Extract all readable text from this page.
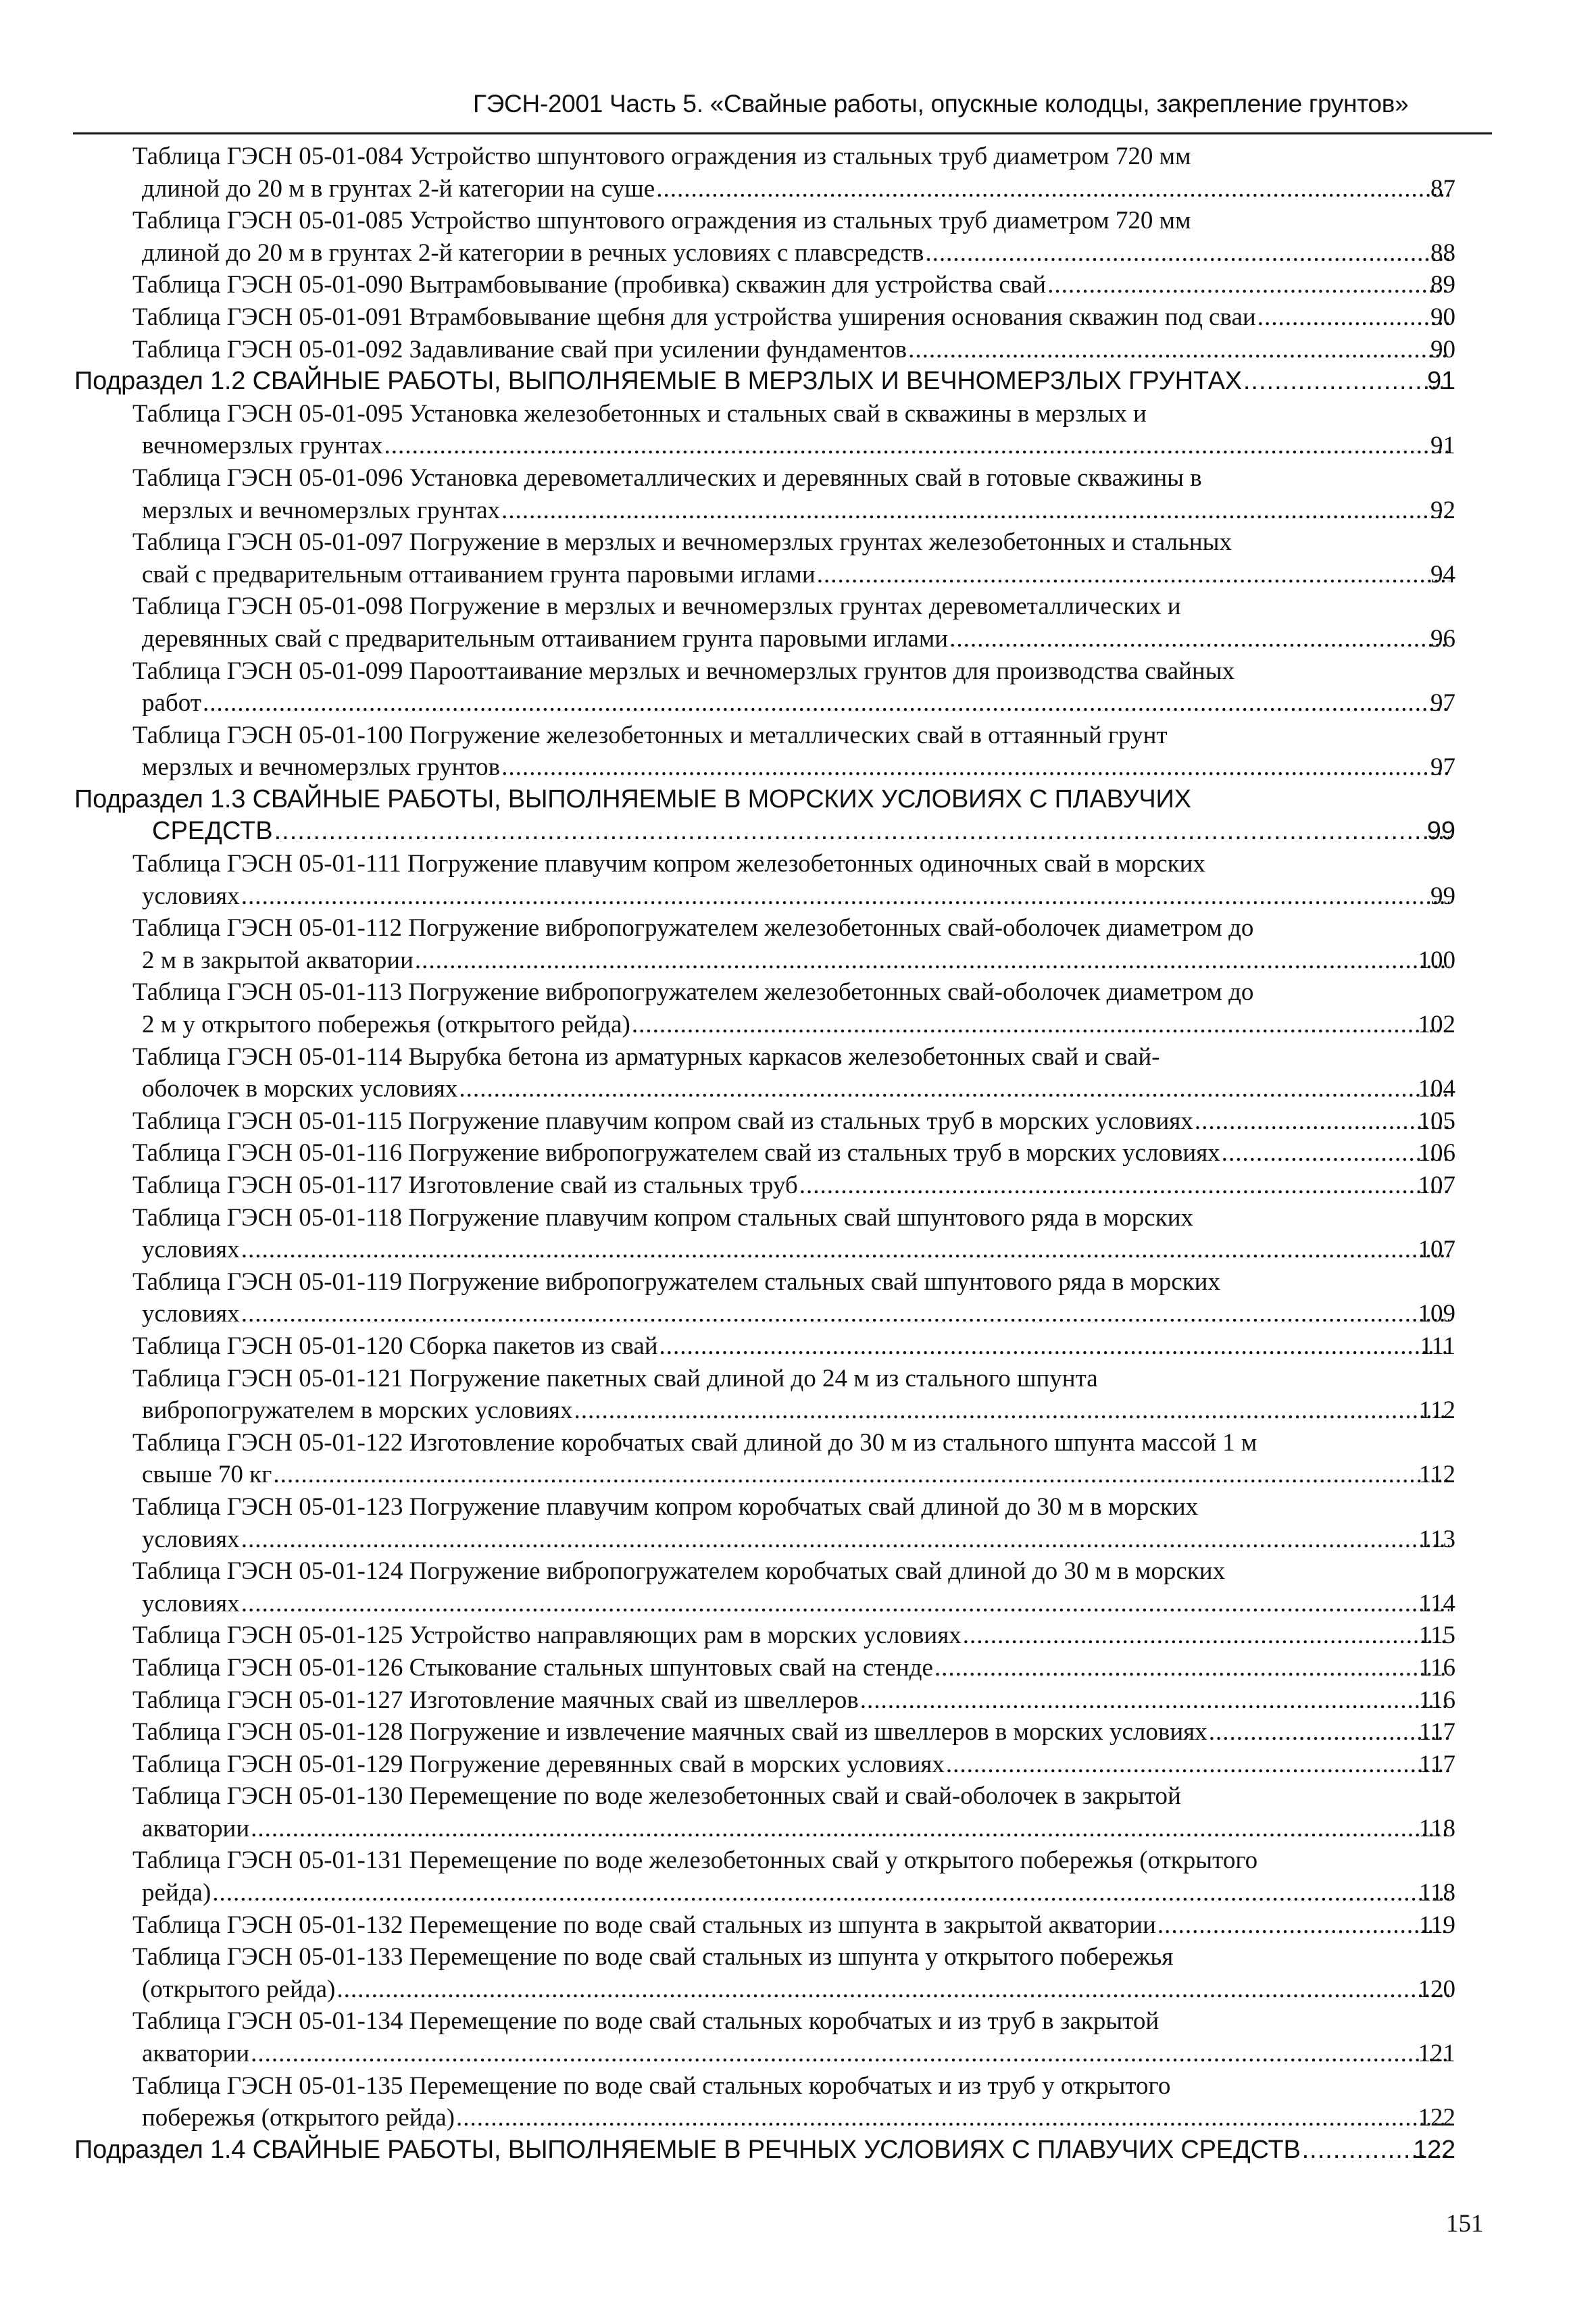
ГЭСН-2001 Часть 5. «Свайные работы, опускные колодцы, закрепление грунтов»
Таблица ГЭСН 05-01-084 Устройство шпунтового ограждения из стальных труб диаметром 720 мм
длиной до 20 м в грунтах 2-й категории на суше .....	87
Таблица ГЭСН 05-01-085 Устройство шпунтового ограждения из стальных труб диаметром 720 мм
длиной до 20 м в грунтах 2-й категории в речных условиях с плавсредств .....	88
Таблица ГЭСН 05-01-090 Вытрамбовывание (пробивка) скважин для устройства свай .....	89
Таблица ГЭСН 05-01-091 Втрамбовывание щебня для устройства уширения основания скважин под сваи .....	90
Таблица ГЭСН 05-01-092 Задавливание свай при усилении фундаментов .....	90
Подраздел 1.2 СВАЙНЫЕ РАБОТЫ, ВЫПОЛНЯЕМЫЕ В МЕРЗЛЫХ И ВЕЧНОМЕРЗЛЫХ ГРУНТАХ .....	91
Таблица ГЭСН 05-01-095 Установка железобетонных и стальных свай в скважины в мерзлых и
вечномерзлых грунтах .....	91
Таблица ГЭСН 05-01-096 Установка деревометаллических и деревянных свай в готовые скважины в
мерзлых и вечномерзлых грунтах .....	92
Таблица ГЭСН 05-01-097 Погружение в мерзлых и вечномерзлых грунтах железобетонных и стальных
свай с предварительным оттаиванием грунта паровыми иглами .....	94
Таблица ГЭСН 05-01-098 Погружение в мерзлых и вечномерзлых грунтах деревометаллических и
деревянных свай с предварительным оттаиванием грунта паровыми иглами .....	96
Таблица ГЭСН 05-01-099 Парооттаивание мерзлых и вечномерзлых грунтов для производства свайных
работ .....	97
Таблица ГЭСН 05-01-100 Погружение железобетонных и металлических свай в оттаянный грунт
мерзлых и вечномерзлых грунтов .....	97
Подраздел 1.3 СВАЙНЫЕ РАБОТЫ, ВЫПОЛНЯЕМЫЕ В МОРСКИХ УСЛОВИЯХ С ПЛАВУЧИХ
СРЕДСТВ .....	99
Таблица ГЭСН 05-01-111 Погружение плавучим копром железобетонных одиночных свай в морских
условиях .....	99
Таблица ГЭСН 05-01-112 Погружение вибропогружателем железобетонных свай-оболочек диаметром до
2 м в закрытой акватории .....	100
Таблица ГЭСН 05-01-113 Погружение вибропогружателем железобетонных свай-оболочек диаметром до
2 м у открытого побережья (открытого рейда) .....	102
Таблица ГЭСН 05-01-114 Вырубка бетона из арматурных каркасов железобетонных свай и свай-
оболочек в морских условиях .....	104
Таблица ГЭСН 05-01-115 Погружение плавучим копром свай из стальных труб в морских условиях .....	105
Таблица ГЭСН 05-01-116 Погружение вибропогружателем свай из стальных труб в морских условиях .....	106
Таблица ГЭСН 05-01-117 Изготовление свай из стальных труб .....	107
Таблица ГЭСН 05-01-118 Погружение плавучим копром стальных свай шпунтового ряда в морских
условиях .....	107
Таблица ГЭСН 05-01-119 Погружение вибропогружателем стальных свай шпунтового ряда в морских
условиях .....	109
Таблица ГЭСН 05-01-120 Сборка пакетов из свай .....	111
Таблица ГЭСН 05-01-121 Погружение пакетных свай длиной до 24 м из стального шпунта
вибропогружателем в морских условиях .....	112
Таблица ГЭСН 05-01-122 Изготовление коробчатых свай длиной до 30 м из стального шпунта массой 1 м
свыше 70 кг .....	112
Таблица ГЭСН 05-01-123 Погружение плавучим копром коробчатых свай длиной до 30 м в морских
условиях .....	113
Таблица ГЭСН 05-01-124 Погружение вибропогружателем коробчатых свай длиной до 30 м в морских
условиях .....	114
Таблица ГЭСН 05-01-125 Устройство направляющих рам в морских условиях .....	115
Таблица ГЭСН 05-01-126 Стыкование стальных шпунтовых свай на стенде .....	116
Таблица ГЭСН 05-01-127 Изготовление маячных свай из швеллеров .....	116
Таблица ГЭСН 05-01-128 Погружение и извлечение маячных свай из швеллеров в морских условиях .....	117
Таблица ГЭСН 05-01-129 Погружение деревянных свай в морских условиях .....	117
Таблица ГЭСН 05-01-130 Перемещение по воде железобетонных свай и свай-оболочек в закрытой
акватории .....	118
Таблица ГЭСН 05-01-131 Перемещение по воде железобетонных свай у открытого побережья (открытого
рейда) .....	118
Таблица ГЭСН 05-01-132 Перемещение по воде свай стальных из шпунта в закрытой акватории .....	119
Таблица ГЭСН 05-01-133 Перемещение по воде свай стальных из шпунта у открытого побережья
(открытого рейда) .....	120
Таблица ГЭСН 05-01-134 Перемещение по воде свай стальных коробчатых и из труб в закрытой
акватории .....	121
Таблица ГЭСН 05-01-135 Перемещение по воде свай стальных коробчатых и из труб у открытого
побережья (открытого рейда) .....	122
Подраздел 1.4 СВАЙНЫЕ РАБОТЫ, ВЫПОЛНЯЕМЫЕ В РЕЧНЫХ УСЛОВИЯХ С ПЛАВУЧИХ СРЕДСТВ .....	122
151
